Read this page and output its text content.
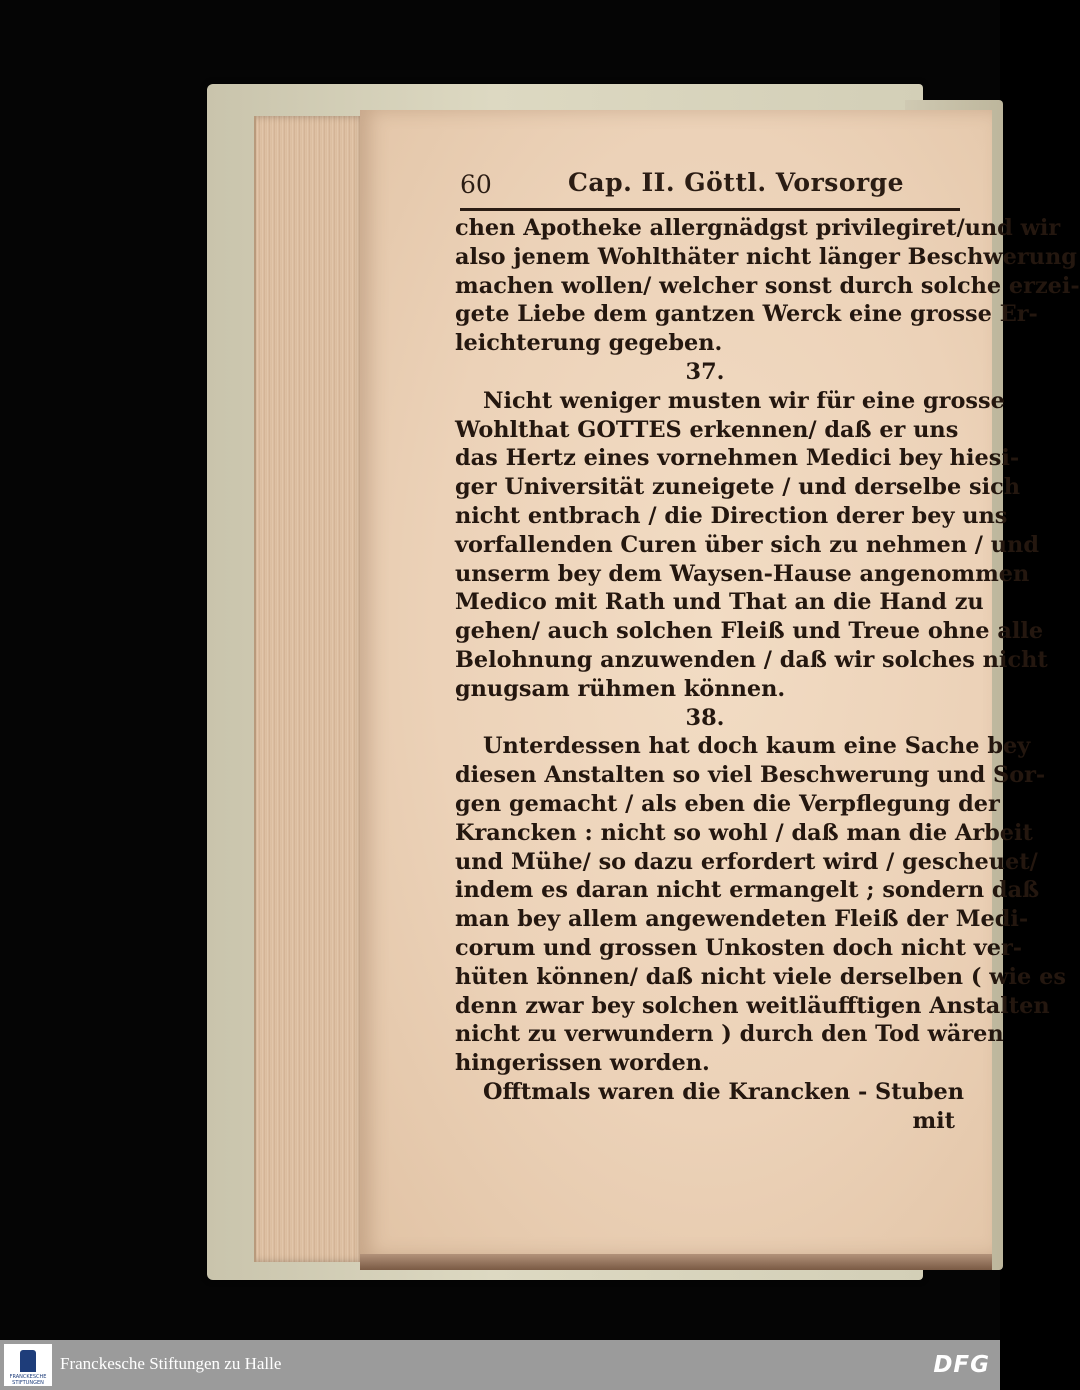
60	Cap. II. Göttl. Vorsorge
chen Apotheke allergnädgst privilegiret/und wir
also jenem Wohlthäter nicht länger Beschwerung
machen wollen/ welcher sonst durch solche erzei-
gete Liebe dem gantzen Werck eine grosse Er-
leichterung gegeben.
37.
Nicht weniger musten wir für eine grosse
Wohlthat GOTTES erkennen/ daß er uns
das Hertz eines vornehmen Medici bey hiesi-
ger Universität zuneigete / und derselbe sich
nicht entbrach / die Direction derer bey uns
vorfallenden Curen über sich zu nehmen / und
unserm bey dem Waysen-Hause angenommen
Medico mit Rath und That an die Hand zu
gehen/ auch solchen Fleiß und Treue ohne alle
Belohnung anzuwenden / daß wir solches nicht
gnugsam rühmen können.
38.
Unterdessen hat doch kaum eine Sache bey
diesen Anstalten so viel Beschwerung und Sor-
gen gemacht / als eben die Verpflegung der
Krancken : nicht so wohl / daß man die Arbeit
und Mühe/ so dazu erfordert wird / gescheuet/
indem es daran nicht ermangelt ; sondern daß
man bey allem angewendeten Fleiß der Medi-
corum und grossen Unkosten doch nicht ver-
hüten können/ daß nicht viele derselben ( wie es
denn zwar bey solchen weitläufftigen Anstalten
nicht zu verwundern ) durch den Tod wären
hingerissen worden.
Offtmals waren die Krancken - Stuben
mit
FRANCKESCHE STIFTUNGEN
Franckesche Stiftungen zu Halle	DFG
